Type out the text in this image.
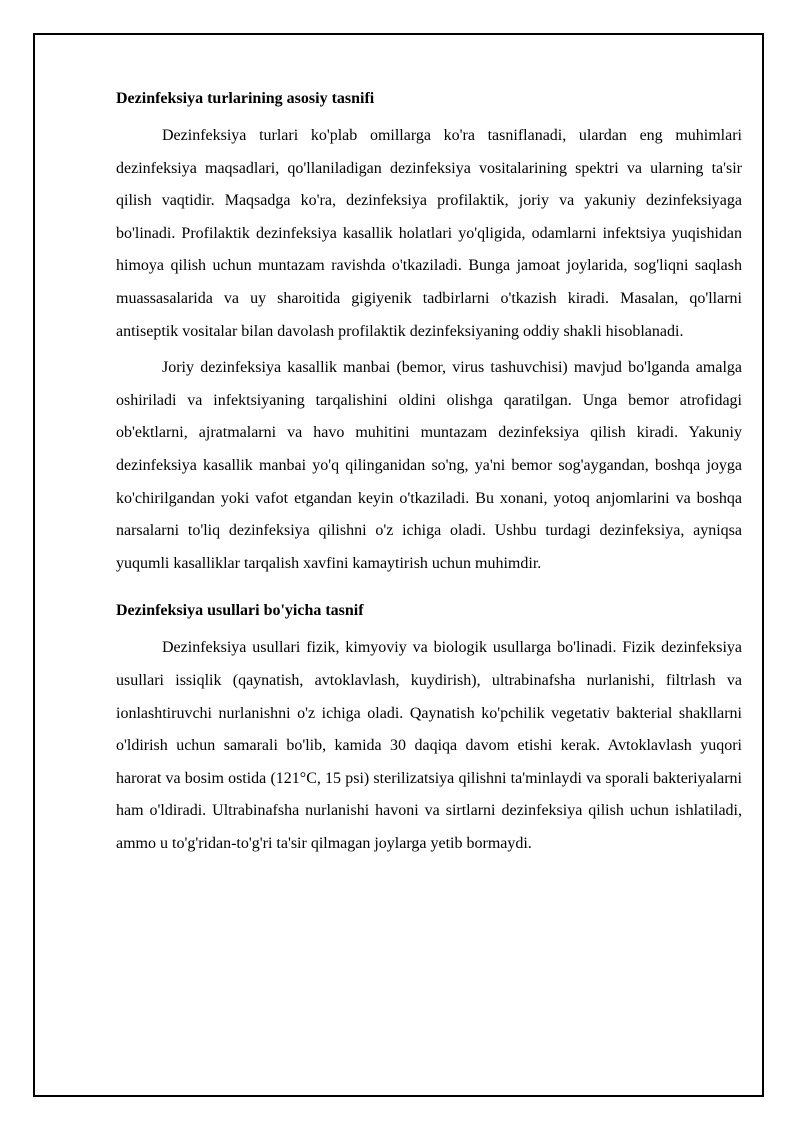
Dezinfeksiya turlarining asosiy tasnifi

Dezinfeksiya turlari ko'plab omillarga ko'ra tasniflanadi, ulardan eng muhimlari dezinfeksiya maqsadlari, qo'llaniladigan dezinfeksiya vositalarining spektri va ularning ta'sir qilish vaqtidir. Maqsadga ko'ra, dezinfeksiya profilaktik, joriy va yakuniy dezinfeksiyaga bo'linadi. Profilaktik dezinfeksiya kasallik holatlari yo'qligida, odamlarni infektsiya yuqishidan himoya qilish uchun muntazam ravishda o'tkaziladi. Bunga jamoat joylarida, sog'liqni saqlash muassasalarida va uy sharoitida gigiyenik tadbirlarni o'tkazish kiradi. Masalan, qo'llarni antiseptik vositalar bilan davolash profilaktik dezinfeksiyaning oddiy shakli hisoblanadi.

Joriy dezinfeksiya kasallik manbai (bemor, virus tashuvchisi) mavjud bo'lganda amalga oshiriladi va infektsiyaning tarqalishini oldini olishga qaratilgan. Unga bemor atrofidagi ob'ektlarni, ajratmalarni va havo muhitini muntazam dezinfeksiya qilish kiradi. Yakuniy dezinfeksiya kasallik manbai yo'q qilinganidan so'ng, ya'ni bemor sog'aygandan, boshqa joyga ko'chirilgandan yoki vafot etgandan keyin o'tkaziladi. Bu xonani, yotoq anjomlarini va boshqa narsalarni to'liq dezinfeksiya qilishni o'z ichiga oladi. Ushbu turdagi dezinfeksiya, ayniqsa yuqumli kasalliklar tarqalish xavfini kamaytirish uchun muhimdir.

Dezinfeksiya usullari bo'yicha tasnif

Dezinfeksiya usullari fizik, kimyoviy va biologik usullarga bo'linadi. Fizik dezinfeksiya usullari issiqlik (qaynatish, avtoklavlash, kuydirish), ultrabinafsha nurlanishi, filtrlash va ionlashtiruvchi nurlanishni o'z ichiga oladi. Qaynatish ko'pchilik vegetativ bakterial shakllarni o'ldirish uchun samarali bo'lib, kamida 30 daqiqa davom etishi kerak. Avtoklavlash yuqori harorat va bosim ostida (121°C, 15 psi) sterilizatsiya qilishni ta'minlaydi va sporali bakteriyalarni ham o'ldiradi. Ultrabinafsha nurlanishi havoni va sirtlarni dezinfeksiya qilish uchun ishlatiladi, ammo u to'g'ridan-to'g'ri ta'sir qilmagan joylarga yetib bormaydi.
